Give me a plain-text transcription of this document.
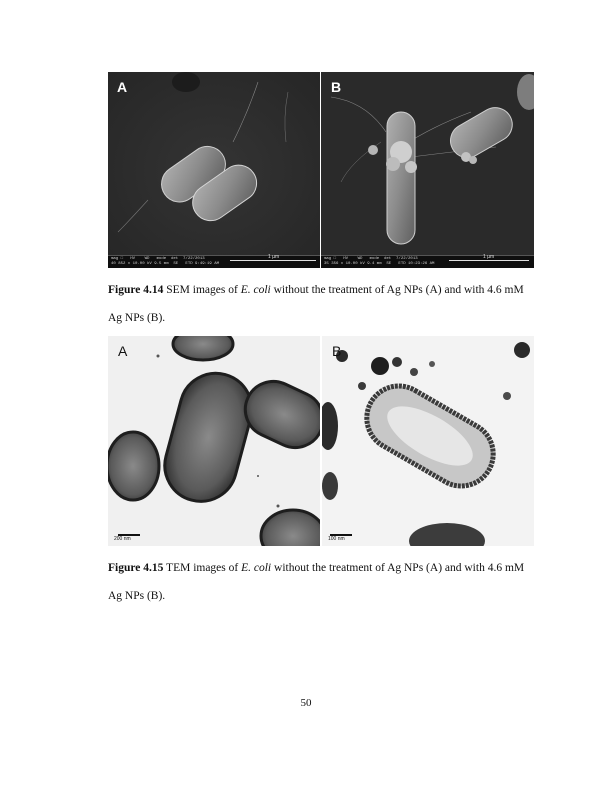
A
mag □   HV    WD   mode  det  7/22/2013
40 852 x 10.00 kV 9.5 mm  SE   ETD 9:49:19 AM
1 µm
B
mag □   HV    WD   mode  det  7/22/2013
35 356 x 10.00 kV 9.4 mm  SE   ETD 10:23:26 AM
1 µm

Figure 4.14 SEM images of E. coli without the treatment of Ag NPs (A) and with 4.6 mM Ag NPs (B).

A
200 nm
B
100 nm

Figure 4.15 TEM images of E. coli without the treatment of Ag NPs (A) and with 4.6 mM Ag NPs (B).

50
